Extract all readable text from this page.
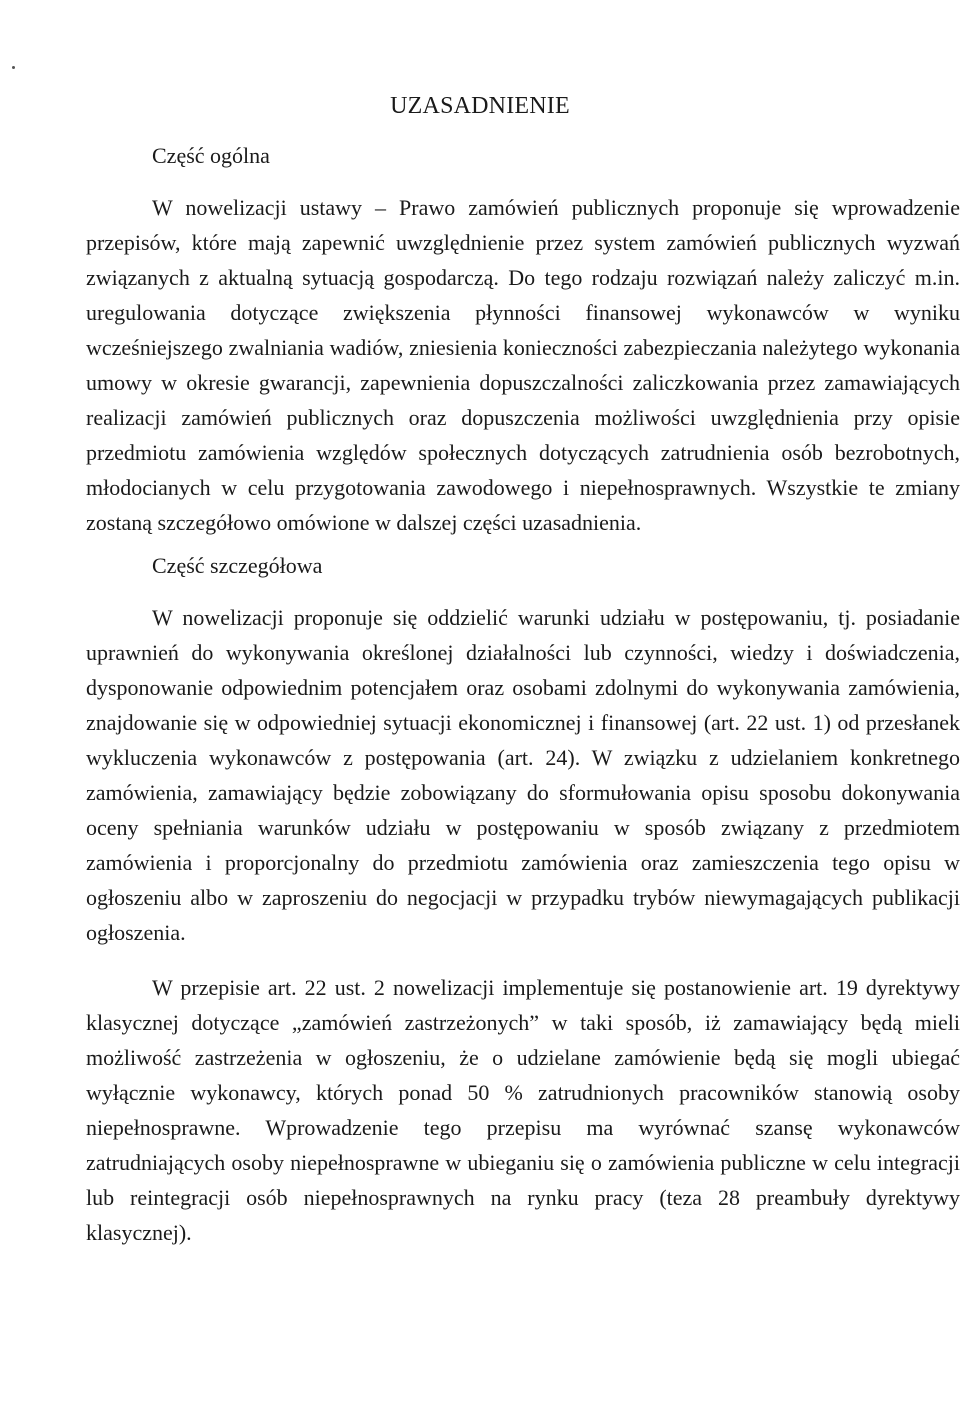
UZASADNIENIE
Część ogólna

W nowelizacji ustawy – Prawo zamówień publicznych proponuje się wprowadzenie przepisów, które mają zapewnić uwzględnienie przez system zamówień publicznych wyzwań związanych z aktualną sytuacją gospodarczą. Do tego rodzaju rozwiązań należy zaliczyć m.in. uregulowania dotyczące zwiększenia płynności finansowej wykonawców w wyniku wcześniejszego zwalniania wadiów, zniesienia konieczności zabezpieczania należytego wykonania umowy w okresie gwarancji, zapewnienia dopuszczalności zaliczkowania przez zamawiających realizacji zamówień publicznych oraz dopuszczenia możliwości uwzględnienia przy opisie przedmiotu zamówienia względów społecznych dotyczących zatrudnienia osób bezrobotnych, młodocianych w celu przygotowania zawodowego i niepełnosprawnych. Wszystkie te zmiany zostaną szczegółowo omówione w dalszej części uzasadnienia.

Część szczegółowa

W nowelizacji proponuje się oddzielić warunki udziału w postępowaniu, tj. posiadanie uprawnień do wykonywania określonej działalności lub czynności, wiedzy i doświadczenia, dysponowanie odpowiednim potencjałem oraz osobami zdolnymi do wykonywania zamówienia, znajdowanie się w odpowiedniej sytuacji ekonomicznej i finansowej (art. 22 ust. 1) od przesłanek wykluczenia wykonawców z postępowania (art. 24). W związku z udzielaniem konkretnego zamówienia, zamawiający będzie zobowiązany do sformułowania opisu sposobu dokonywania oceny spełniania warunków udziału w postępowaniu w sposób związany z przedmiotem zamówienia i proporcjonalny do przedmiotu zamówienia oraz zamieszczenia tego opisu w ogłoszeniu albo w zaproszeniu do negocjacji w przypadku trybów niewymagających publikacji ogłoszenia.

W przepisie art. 22 ust. 2 nowelizacji implementuje się postanowienie art. 19 dyrektywy klasycznej dotyczące „zamówień zastrzeżonych” w taki sposób, iż zamawiający będą mieli możliwość zastrzeżenia w ogłoszeniu, że o udzielane zamówienie będą się mogli ubiegać wyłącznie wykonawcy, których ponad 50 % zatrudnionych pracowników stanowią osoby niepełnosprawne. Wprowadzenie tego przepisu ma wyrównać szansę wykonawców zatrudniających osoby niepełnosprawne w ubieganiu się o zamówienia publiczne w celu integracji lub reintegracji osób niepełnosprawnych na rynku pracy (teza 28 preambuły dyrektywy klasycznej).
